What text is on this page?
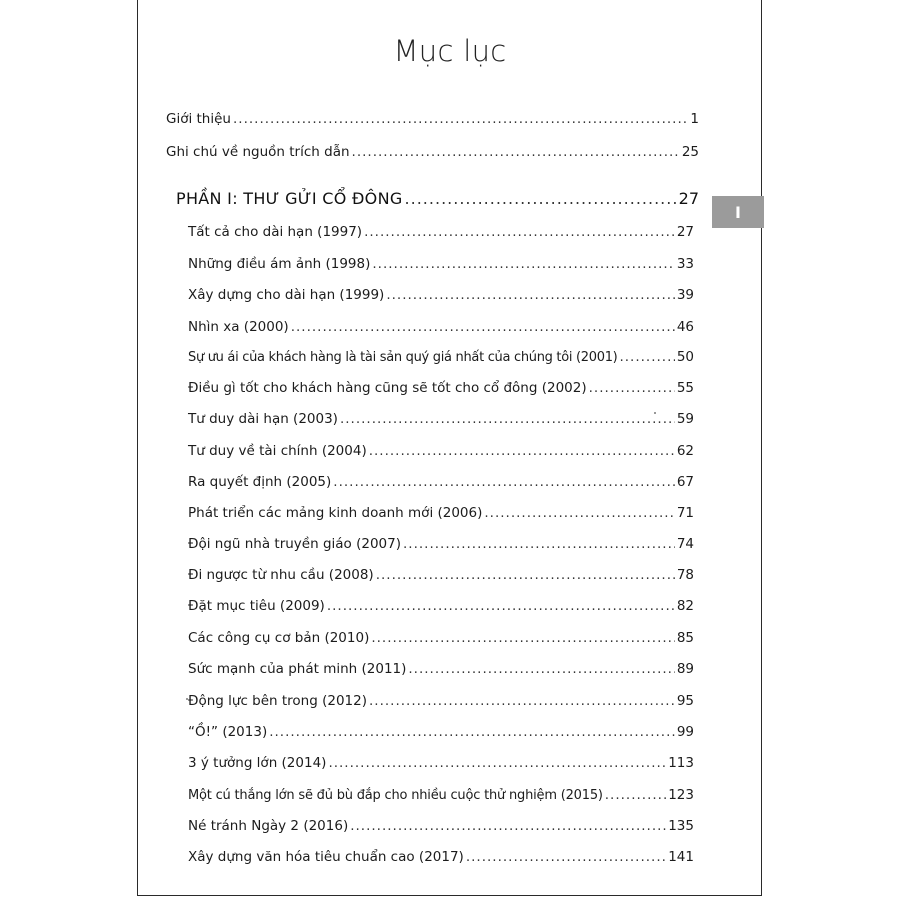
Mục lục
Giới thiệu .....	1
Ghi chú về nguồn trích dẫn .....	25
PHẦN I: THƯ GỬI CỔ ĐÔNG .....	27
I
Tất cả cho dài hạn (1997) .....	27
Những điều ám ảnh (1998) .....	33
Xây dựng cho dài hạn (1999) .....	39
Nhìn xa (2000) .....	46
Sự ưu ái của khách hàng là tài sản quý giá nhất của chúng tôi (2001) .....	50
Điều gì tốt cho khách hàng cũng sẽ tốt cho cổ đông (2002) .....	55
Tư duy dài hạn (2003) .....	59
Tư duy về tài chính (2004) .....	62
Ra quyết định (2005) .....	67
Phát triển các mảng kinh doanh mới (2006) .....	71
Đội ngũ nhà truyền giáo (2007) .....	74
Đi ngược từ nhu cầu (2008) .....	78
Đặt mục tiêu (2009) .....	82
Các công cụ cơ bản (2010) .....	85
Sức mạnh của phát minh (2011) .....	89
Động lực bên trong (2012) .....	95
“Ồ!” (2013) .....	99
3 ý tưởng lớn (2014) .....	113
Một cú thắng lớn sẽ đủ bù đắp cho nhiều cuộc thử nghiệm (2015) .....	123
Né tránh Ngày 2 (2016) .....	135
Xây dựng văn hóa tiêu chuẩn cao (2017) .....	141
